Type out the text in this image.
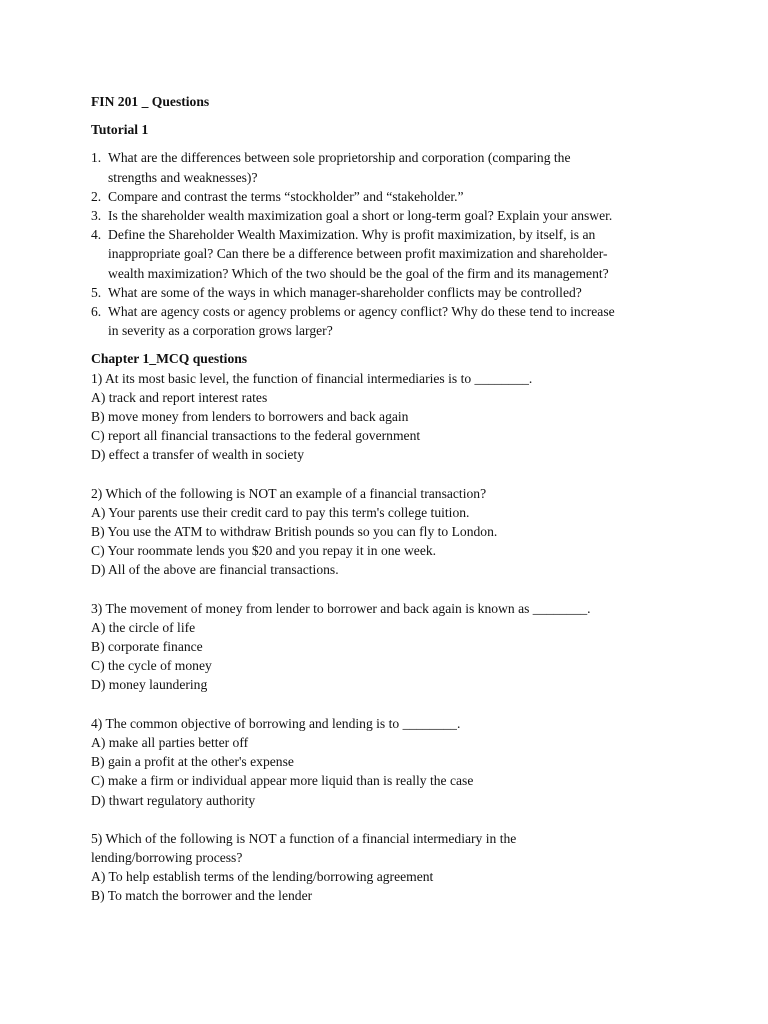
FIN 201 _ Questions
Tutorial 1
1. What are the differences between sole proprietorship and corporation (comparing the
strengths and weaknesses)?
2. Compare and contrast the terms “stockholder” and “stakeholder.”
3. Is the shareholder wealth maximization goal a short or long-term goal? Explain your answer.
4. Define the Shareholder Wealth Maximization. Why is profit maximization, by itself, is an
inappropriate goal? Can there be a difference between profit maximization and shareholder-
wealth maximization? Which of the two should be the goal of the firm and its management?
5. What are some of the ways in which manager-shareholder conflicts may be controlled?
6. What are agency costs or agency problems or agency conflict? Why do these tend to increase
in severity as a corporation grows larger?
Chapter 1_MCQ questions
1) At its most basic level, the function of financial intermediaries is to ________.
A) track and report interest rates
B) move money from lenders to borrowers and back again
C) report all financial transactions to the federal government
D) effect a transfer of wealth in society
2) Which of the following is NOT an example of a financial transaction?
A) Your parents use their credit card to pay this term's college tuition.
B) You use the ATM to withdraw British pounds so you can fly to London.
C) Your roommate lends you $20 and you repay it in one week.
D) All of the above are financial transactions.
3) The movement of money from lender to borrower and back again is known as ________.
A) the circle of life
B) corporate finance
C) the cycle of money
D) money laundering
4) The common objective of borrowing and lending is to ________.
A) make all parties better off
B) gain a profit at the other's expense
C) make a firm or individual appear more liquid than is really the case
D) thwart regulatory authority
5) Which of the following is NOT a function of a financial intermediary in the
lending/borrowing process?
A) To help establish terms of the lending/borrowing agreement
B) To match the borrower and the lender
